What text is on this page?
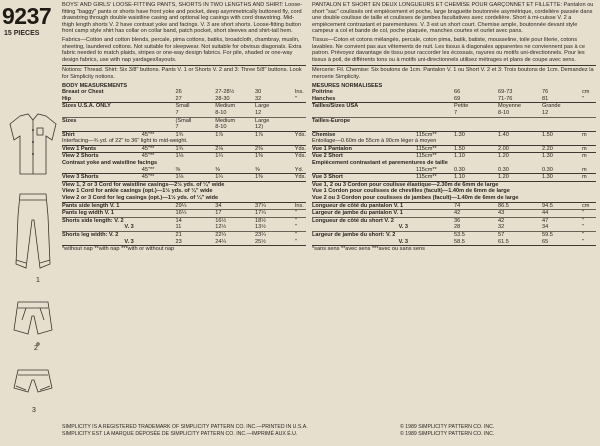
9237
15 PIECES
1
2
3
BOYS' AND GIRLS' LOOSE-FITTING PANTS, SHORTS IN TWO LENGTHS AND SHIRT: Loose-fitting "baggy" pants or shorts have front yoke and pocket, deep asymmetrically buttoned fly, cord drawstring through double waistline casing and optional leg casings with cord drawstring. Mid-thigh length shorts V. 2 have contrast yoke and facings. V. 3 are short shorts. Loose-fitting button front camp style shirt has collar on collar band, patch pocket, short sleeves and shirt-tail hem.
Fabrics—Cotton and cotton blends, percale, pima cottons, batiks, broadcloth, chambray, muslin, sheeting, laundered cottons. Not suitable for sleepwear. Not suitable for obvious diagonals. Extra fabric needed to match plaids, stripes or one-way design fabrics. For pile, shaded or one-way design fabrics, use with nap yardages/layouts.
Notions: Thread. Shirt: Six 3/8" buttons. Pants V. 1 or Shorts V. 2 and 3: Three 5/8" buttons. Look for Simplicity notions.
BODY MEASUREMENTS
Breast or Chest		26	27-28½	30	Ins.
Hip		27	28-30	32	"
Sizes U.S.A. ONLY		Small	Medium	Large	
		7	8-10	12	
Sizes		(Small	Medium	Large	
		7	8-10	12)	
Shirt	45"**	1¾	1⅞	1⅞	Yds.
Interfacing—¾ yd. of 22" to 36" light to mid-weight.					
View 1 Pants	45"**	1¾	2⅛	2⅜	Yds.
View 2 Shorts	45"**	1⅛	1¼	1⅜	Yds.
Contrast yoke and waistline facings					
	45"**	⅜	⅜	⅜	Yd.
View 3 Shorts	45"**	1⅛	1¼	1⅜	Yds.
View 1, 2 or 3 Cord for waistline casings—2½ yds. of ¼" wide					
View 1 Cord for ankle casings (opt.)—1½ yds. of ¼" wide					
View 2 or 3 Cord for leg casings (opt.)—1½ yds. of ¼" wide					
Pants side length V. 1		29¼	34	37¼	Ins.
Pants leg width V. 1		16¼	17	17¼	"
Shorts side length: V. 2		14	16½	18½	"
V. 3		11	12½	13½	"
Shorts leg width: V. 2		21	22¼	23¼	"
V. 3		23	24¼	25½	"
*without nap **with nap ***with or without nap					
PANTALON ET SHORT EN DEUX LONGUEURS ET CHEMISE POUR GARÇONNET ET FILLETTE: Pantalon ou short "sac" coulissés ont empiècement et poche, large braguette boutonnée asymétrique, cordelière passée dans une double coulisse de taille et coulisses de jambes facultatives avec cordelière. Short à mi-cuisse V. 2 a empiècement contrastant et parementures. V. 3 est un short court. Chemise ample, boutonnée devant style campeur a col et bande de col, poche plaquée, manches courtes et ourlet avec pans.
Tissus—Coton et cotons mélangés, percale, coton pima, batik, batiste, mousseline, toile pour literie, cotons lavables. Ne convient pas aux vêtements de nuit. Les tissus à diagonales apparentes ne conviennent pas à ce patron. Prévoyez davantage de tissu pour raccorder les écossais, rayures ou motifs uni-directionnels. Pour les tissus à poil, de différents tons ou à motifs uni-directionnels utilisez métrages et plans de coupe avec sens.
Mercerie: Fil. Chemise: Six boutons de 1cm. Pantalon V. 1 ou Short V. 2 et 3: Trois boutons de 1cm. Demandez la mercerie Simplicity.
MESURES NORMALISEES
Poitrine		66	69-73	76	cm
Hanches		69	71-76	81	"
Tailles/Sizes USA		Petite	Moyenne	Grande	
		7	8-10	12	
Tailles-Europe					

Chemise	115cm**	1.30	1.40	1.50	m
Entoilage—0.60m de 55cm à 90cm léger à moyen					
Vue 1 Pantalon	115cm**	1.50	2.00	2.20	m
Vue 2 Short	115cm**	1.10	1.20	1.30	m
Empiècement contrastant et parementures de taille					
	115cm**	0.30	0.30	0.30	m
Vue 3 Short	115cm**	1.10	1.20	1.30	m
Vue 1, 2 ou 3 Cordon pour coulisse élastique—2.30m de 6mm de large					
Vue 1 Cordon pour coulisses de chevilles (facult)—1.40m de 6mm de large					
Vue 2 ou 3 Cordon pour coulisses de jambes (facult)—1.40m de 6mm de large					
Longueur de côté du pantalon V. 1		74	86.5	94.5	cm
Largeur de jambe du pantalon V. 1		42	43	44	"
Longueur de côté du short V. 2		36	42	47	"
V. 3		28	32	34	"
Largeur de jambe du short: V. 2		53.5	57	59.5	"
V. 3		58.5	61.5	65	"
*sans sens **avec sens ***avec ou sans sens					
SIMPLICITY IS A REGISTERED TRADEMARK OF SIMPLICITY PATTERN CO. INC.—PRINTED IN U.S.A.	© 1989 SIMPLICITY PATTERN CO. INC.
SIMPLICITY EST LA MARQUE DÉPOSÉE DE SIMPLICITY PATTERN CO. INC.—IMPRIMÉ AUX É.U.	© 1989 SIMPLICITY PATTERN CO. INC.
